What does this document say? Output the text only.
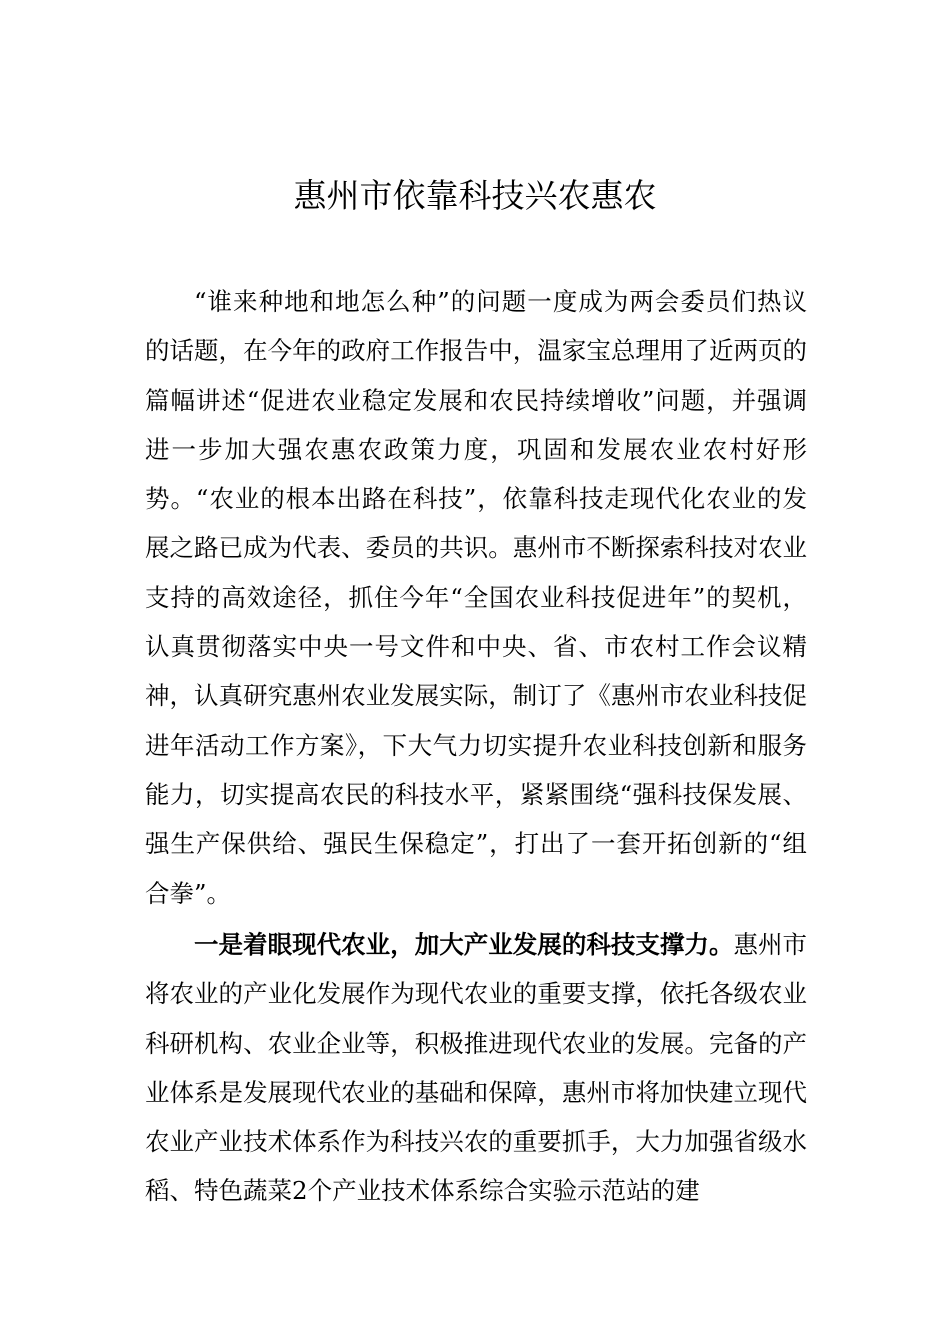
惠州市依靠科技兴农惠农

“谁来种地和地怎么种”的问题一度成为两会委员们热议的话题，在今年的政府工作报告中，温家宝总理用了近两页的篇幅讲述“促进农业稳定发展和农民持续增收”问题，并强调进一步加大强农惠农政策力度，巩固和发展农业农村好形势。“农业的根本出路在科技”，依靠科技走现代化农业的发展之路已成为代表、委员的共识。惠州市不断探索科技对农业支持的高效途径，抓住今年“全国农业科技促进年”的契机，认真贯彻落实中央一号文件和中央、省、市农村工作会议精神，认真研究惠州农业发展实际，制订了《惠州市农业科技促进年活动工作方案》，下大气力切实提升农业科技创新和服务能力，切实提高农民的科技水平，紧紧围绕“强科技保发展、强生产保供给、强民生保稳定”，打出了一套开拓创新的“组合拳”。

一是着眼现代农业，加大产业发展的科技支撑力。惠州市将农业的产业化发展作为现代农业的重要支撑，依托各级农业科研机构、农业企业等，积极推进现代农业的发展。完备的产业体系是发展现代农业的基础和保障，惠州市将加快建立现代农业产业技术体系作为科技兴农的重要抓手，大力加强省级水稻、特色蔬菜2个产业技术体系综合实验示范站的建
